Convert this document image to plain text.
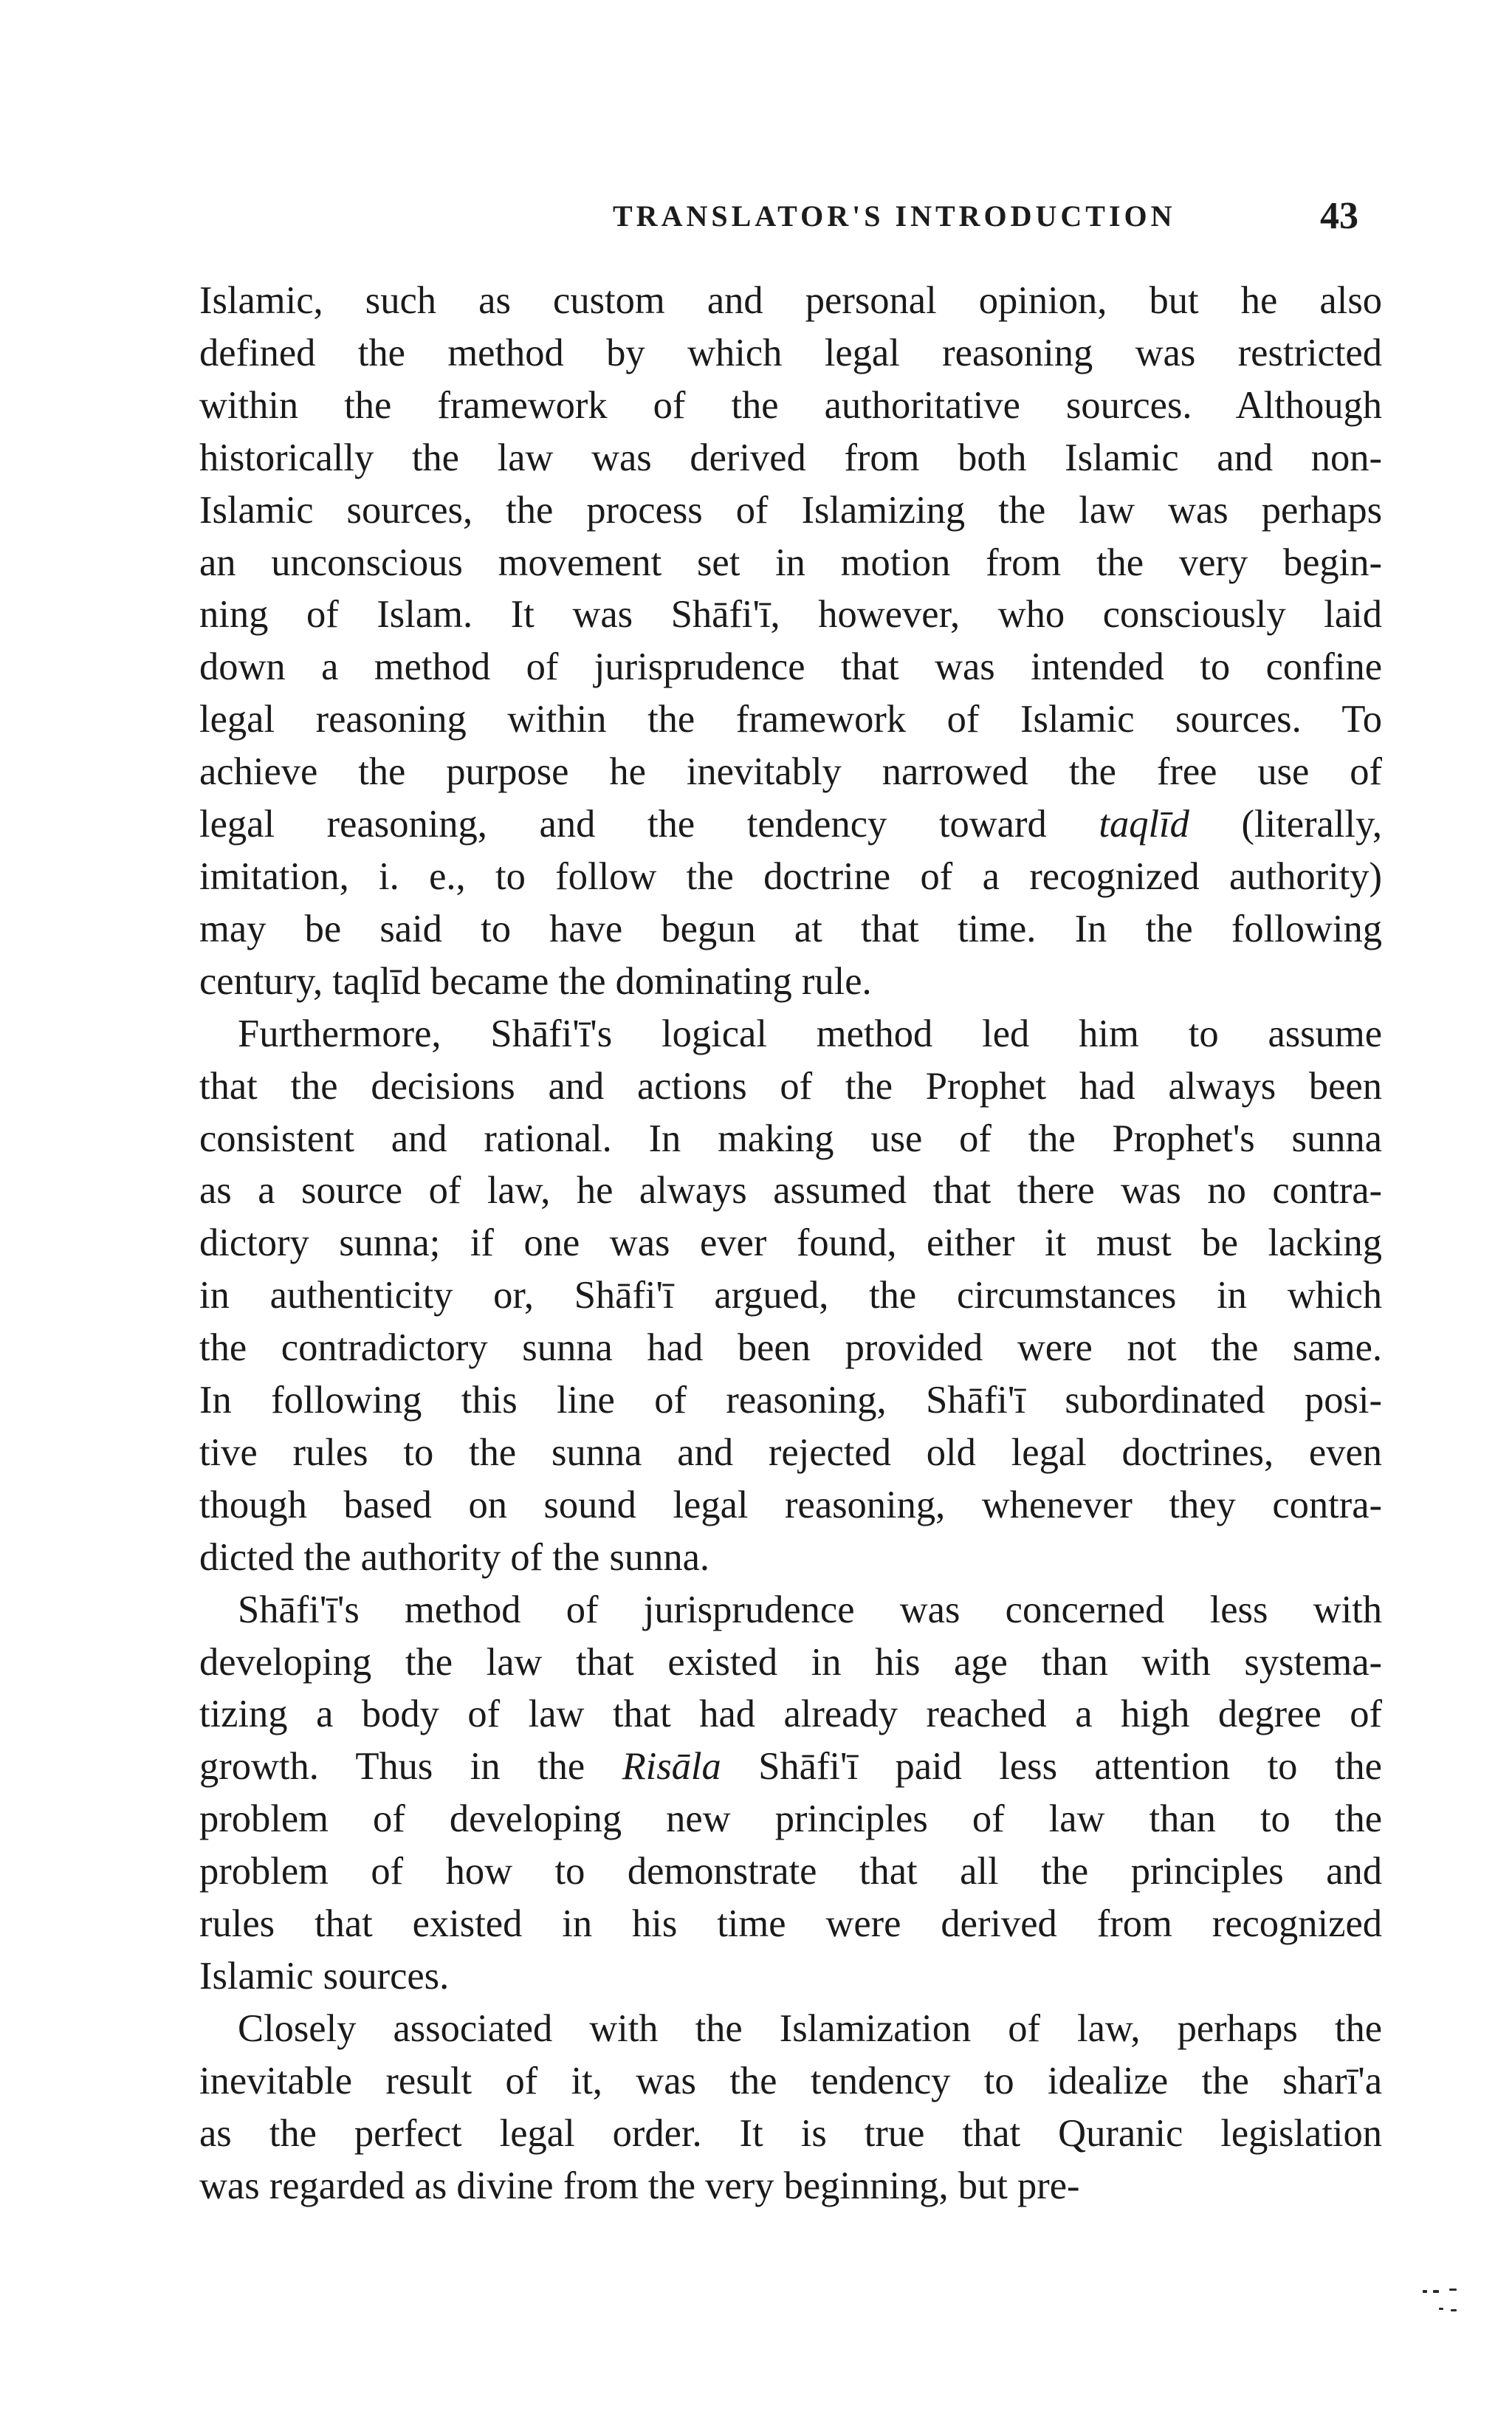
TRANSLATOR'S INTRODUCTION	43

Islamic, such as custom and personal opinion, but he also
defined the method by which legal reasoning was restricted
within the framework of the authoritative sources. Although
historically the law was derived from both Islamic and non-
Islamic sources, the process of Islamizing the law was perhaps
an unconscious movement set in motion from the very begin-
ning of Islam. It was Shāfi'ī, however, who consciously laid
down a method of jurisprudence that was intended to confine
legal reasoning within the framework of Islamic sources. To
achieve the purpose he inevitably narrowed the free use of
legal reasoning, and the tendency toward taqlīd (literally,
imitation, i. e., to follow the doctrine of a recognized authority)
may be said to have begun at that time. In the following
century, taqlīd became the dominating rule.

Furthermore, Shāfi'ī's logical method led him to assume
that the decisions and actions of the Prophet had always been
consistent and rational. In making use of the Prophet's sunna
as a source of law, he always assumed that there was no contra-
dictory sunna; if one was ever found, either it must be lacking
in authenticity or, Shāfi'ī argued, the circumstances in which
the contradictory sunna had been provided were not the same.
In following this line of reasoning, Shāfi'ī subordinated posi-
tive rules to the sunna and rejected old legal doctrines, even
though based on sound legal reasoning, whenever they contra-
dicted the authority of the sunna.

Shāfi'ī's method of jurisprudence was concerned less with
developing the law that existed in his age than with systema-
tizing a body of law that had already reached a high degree of
growth. Thus in the Risāla Shāfi'ī paid less attention to the
problem of developing new principles of law than to the
problem of how to demonstrate that all the principles and
rules that existed in his time were derived from recognized
Islamic sources.

Closely associated with the Islamization of law, perhaps the
inevitable result of it, was the tendency to idealize the sharī'a
as the perfect legal order. It is true that Quranic legislation
was regarded as divine from the very beginning, but pre-
